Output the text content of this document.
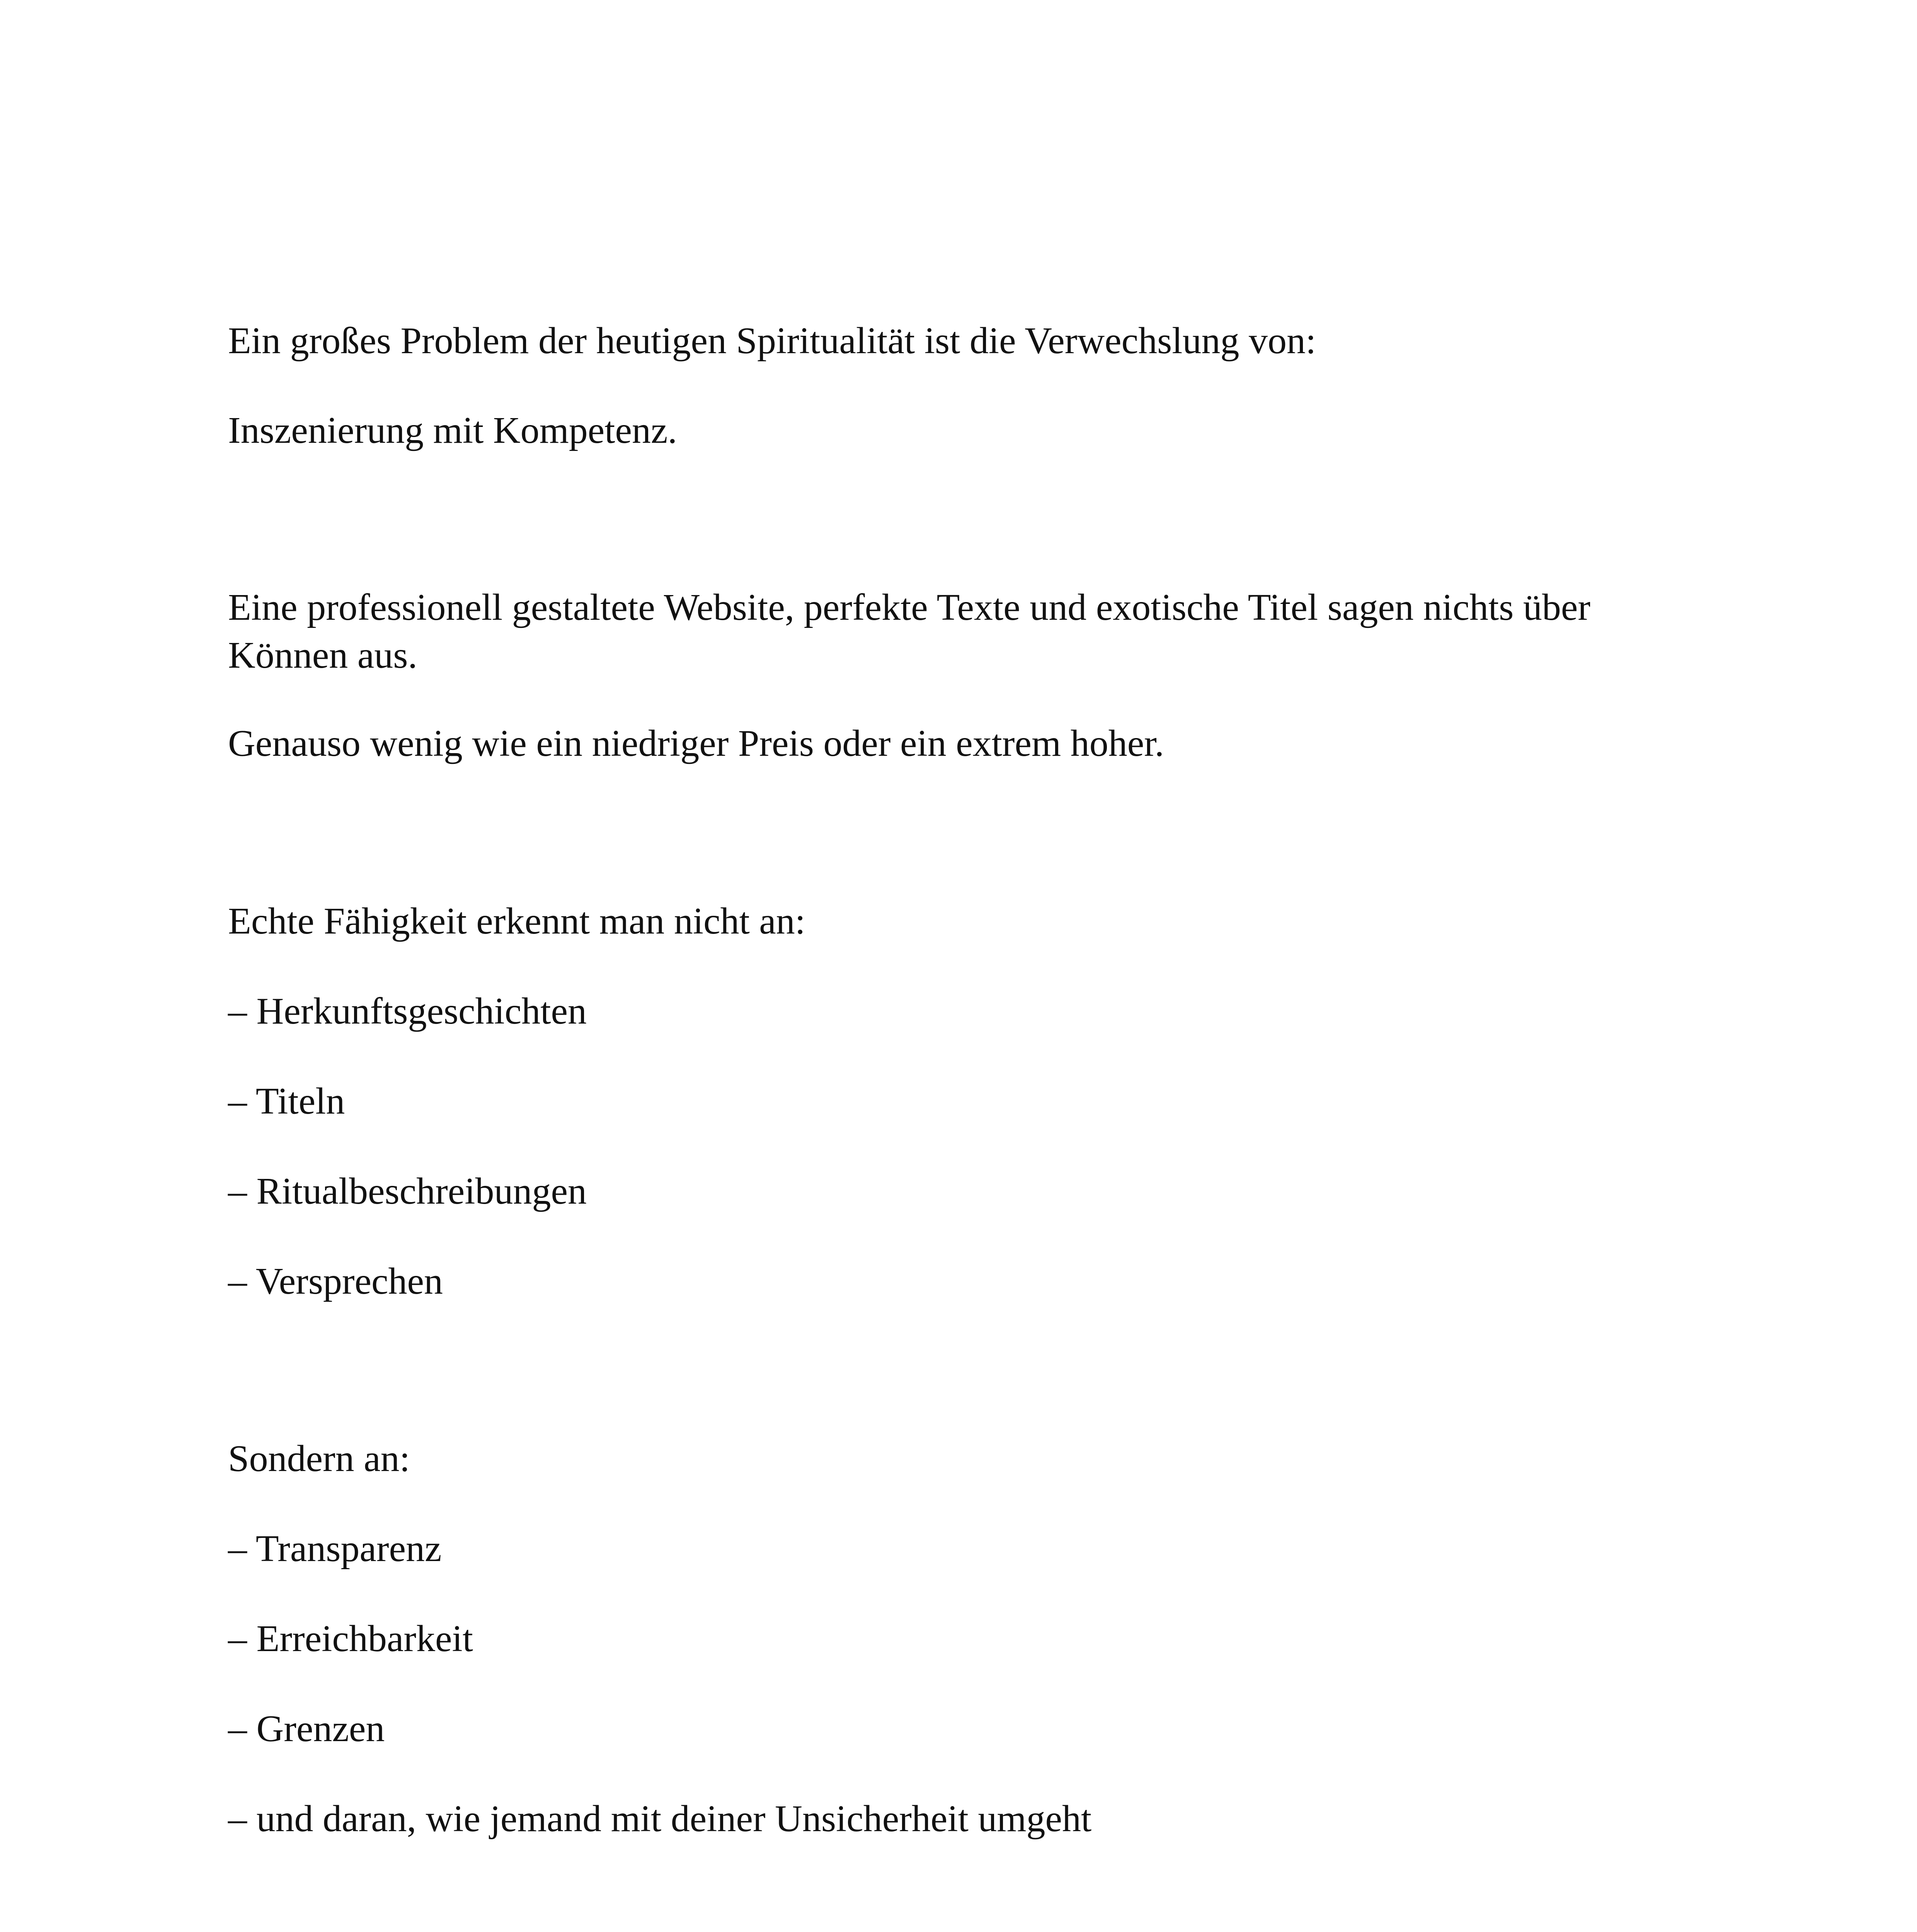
Ein großes Problem der heutigen Spiritualität ist die Verwechslung von:

Inszenierung mit Kompetenz.

Eine professionell gestaltete Website, perfekte Texte und exotische Titel sagen nichts über Können aus.

Genauso wenig wie ein niedriger Preis oder ein extrem hoher.

Echte Fähigkeit erkennt man nicht an:

– Herkunftsgeschichten

– Titeln

– Ritualbeschreibungen

– Versprechen

Sondern an:

– Transparenz

– Erreichbarkeit

– Grenzen

– und daran, wie jemand mit deiner Unsicherheit umgeht
